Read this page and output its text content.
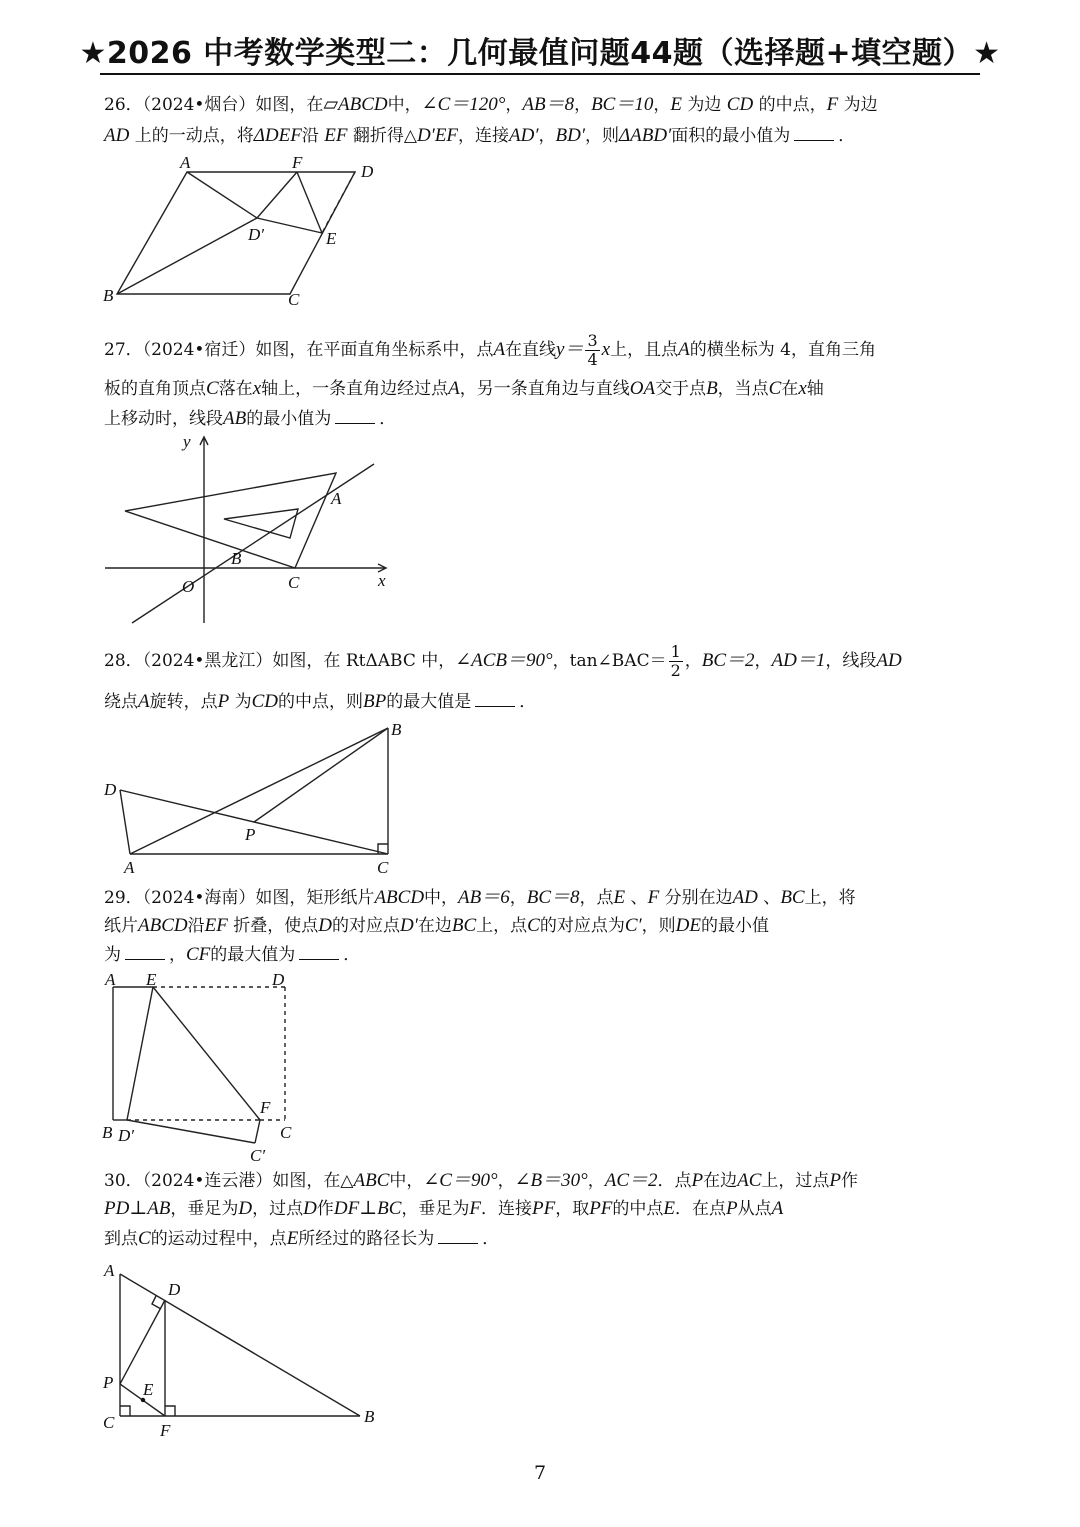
★2026 中考数学类型二：几何最值问题44题（选择题+填空题）★
26．（2024•烟台）如图，在▱ABCD中，∠C＝120°，AB＝8，BC＝10，E 为边 CD 的中点，F 为边
AD 上的一动点，将ΔDEF沿 EF 翻折得△D′EF，连接AD′，BD′，则ΔABD′面积的最小值为	．
A	F	D
D′	E
B	C
27．（2024•宿迁）如图，在平面直角坐标系中，点A在直线$y= \frac{3}{4}$ x上，且点A的横坐标为 4，直角三角
板的直角顶点C落在x轴上，一条直角边经过点A，另一条直角边与直线OA交于点B，当点C在x轴
上移动时，线段AB的最小值为	．
y
x
O
A
B
C
28．（2024•黑龙江）如图，在 RtΔABC 中，∠ACB＝90°，tan∠BAC＝ $\frac{1}{2}$ ，BC＝2，AD＝1，线段AD
绕点A旋转，点P 为CD的中点，则BP的最大值是	．
B
D
P
A	C
29．（2024•海南）如图，矩形纸片ABCD中，AB＝6，BC＝8，点E 、F 分别在边AD 、BC上，将
纸片ABCD沿EF 折叠，使点D的对应点D′在边BC上，点C的对应点为C′，则DE的最小值
为	，CF的最大值为	．
A E	D
F
B D′	C
C′
30．（2024•连云港）如图，在△ABC中，∠C＝90°，∠B＝30°，AC＝2．点P在边AC上，过点P作
PD⊥AB，垂足为D，过点D作DF⊥BC，垂足为F．连接PF，取PF的中点E．在点P从点A
到点C的运动过程中，点E所经过的路径长为	．
A
D
P E
C	F
B
7
